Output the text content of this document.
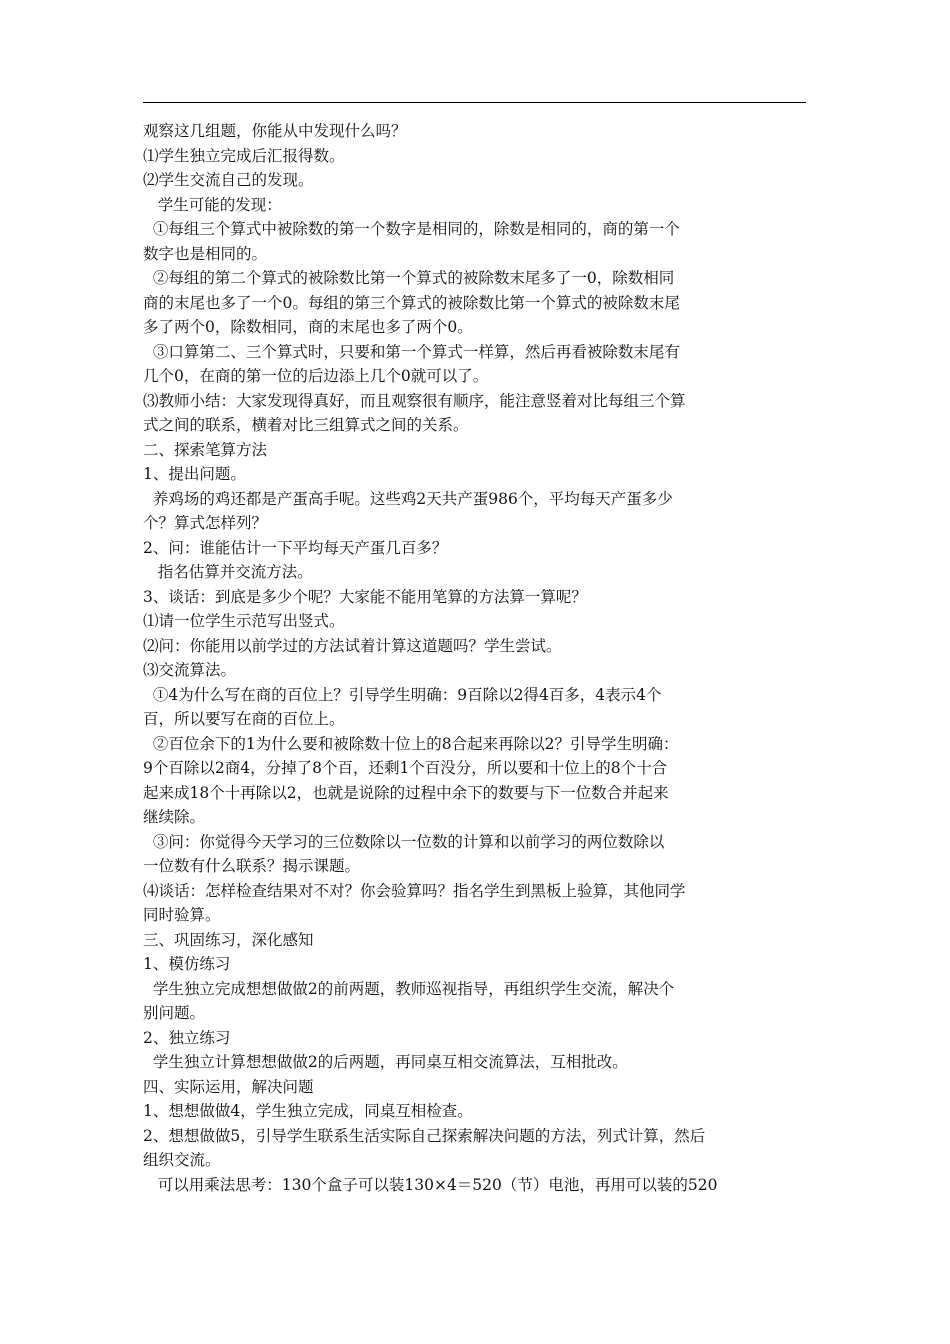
观察这几组题，你能从中发现什么吗？
⑴学生独立完成后汇报得数。
⑵学生交流自己的发现。
学生可能的发现：
①每组三个算式中被除数的第一个数字是相同的，除数是相同的，商的第一个
数字也是相同的。
②每组的第二个算式的被除数比第一个算式的被除数末尾多了一0，除数相同
商的末尾也多了一个0。每组的第三个算式的被除数比第一个算式的被除数末尾
多了两个0，除数相同，商的末尾也多了两个0。
③口算第二、三个算式时，只要和第一个算式一样算，然后再看被除数末尾有
几个0，在商的第一位的后边添上几个0就可以了。
⑶教师小结：大家发现得真好，而且观察很有顺序，能注意竖着对比每组三个算
式之间的联系，横着对比三组算式之间的关系。
二、探索笔算方法
1、提出问题。
养鸡场的鸡还都是产蛋高手呢。这些鸡2天共产蛋986个，平均每天产蛋多少
个？算式怎样列？
2、问：谁能估计一下平均每天产蛋几百多？
指名估算并交流方法。
3、谈话：到底是多少个呢？大家能不能用笔算的方法算一算呢？
⑴请一位学生示范写出竖式。
⑵问：你能用以前学过的方法试着计算这道题吗？学生尝试。
⑶交流算法。
①4为什么写在商的百位上？引导学生明确：9百除以2得4百多，4表示4个
百，所以要写在商的百位上。
②百位余下的1为什么要和被除数十位上的8合起来再除以2？引导学生明确：
9个百除以2商4，分掉了8个百，还剩1个百没分，所以要和十位上的8个十合
起来成18个十再除以2，也就是说除的过程中余下的数要与下一位数合并起来
继续除。
③问：你觉得今天学习的三位数除以一位数的计算和以前学习的两位数除以
一位数有什么联系？揭示课题。
⑷谈话：怎样检查结果对不对？你会验算吗？指名学生到黑板上验算，其他同学
同时验算。
三、巩固练习，深化感知
1、模仿练习
学生独立完成想想做做2的前两题，教师巡视指导，再组织学生交流，解决个
别问题。
2、独立练习
学生独立计算想想做做2的后两题，再同桌互相交流算法，互相批改。
四、实际运用，解决问题
1、想想做做4，学生独立完成，同桌互相检查。
2、想想做做5，引导学生联系生活实际自己探索解决问题的方法，列式计算，然后
组织交流。
可以用乘法思考：130个盒子可以装130×4＝520（节）电池，再用可以装的520
